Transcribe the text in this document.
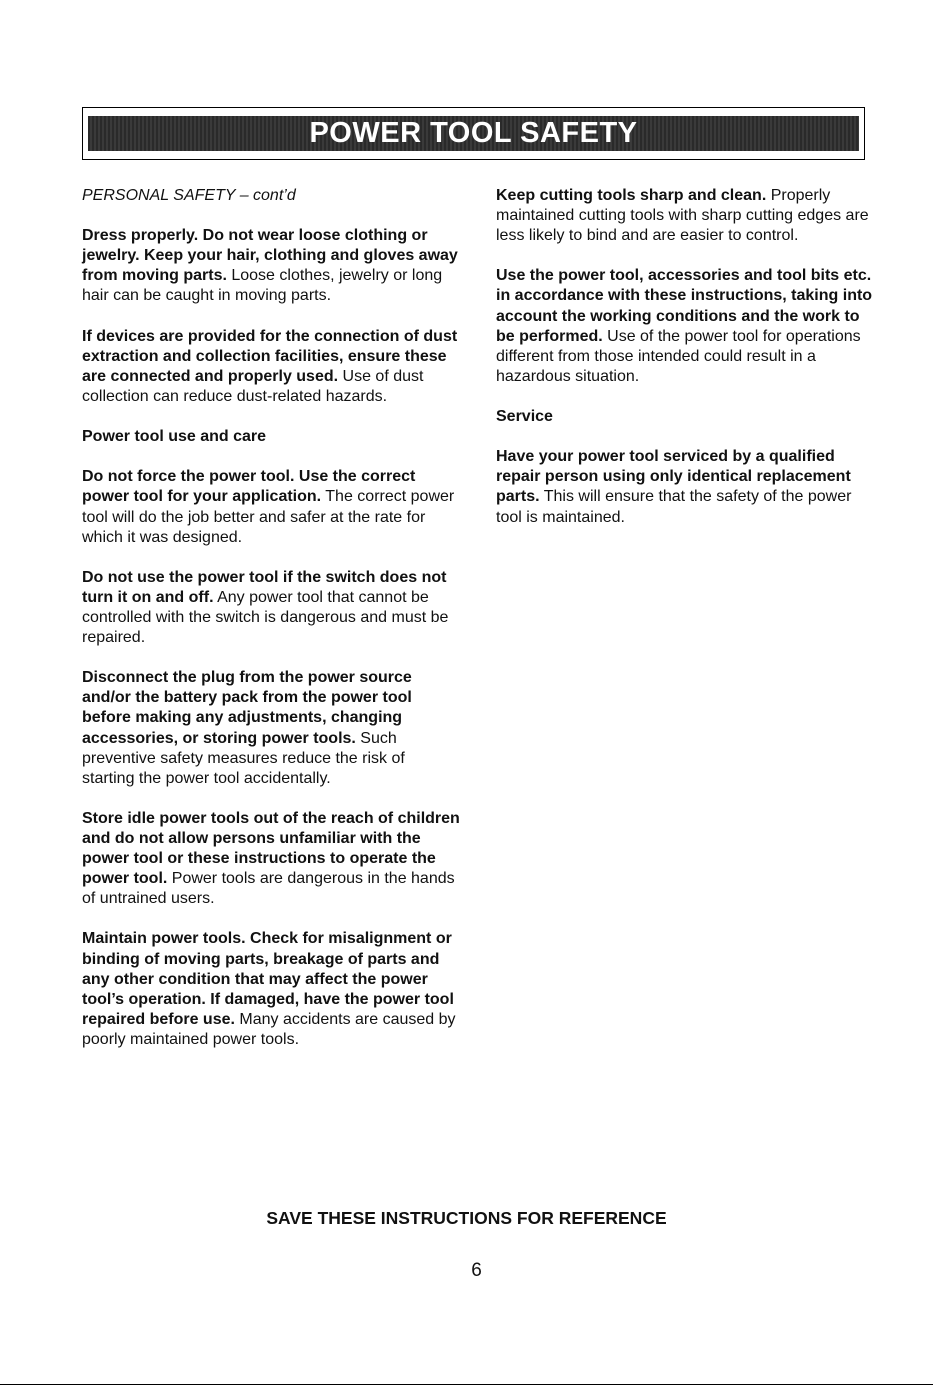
POWER TOOL SAFETY

PERSONAL SAFETY – cont’d

Dress properly. Do not wear loose clothing or jewelry. Keep your hair, clothing and gloves away from moving parts. Loose clothes, jewelry or long hair can be caught in moving parts.

If devices are provided for the connection of dust extraction and collection facilities, ensure these are connected and properly used. Use of dust collection can reduce dust-related hazards.

Power tool use and care

Do not force the power tool. Use the correct power tool for your application. The correct power tool will do the job better and safer at the rate for which it was designed.

Do not use the power tool if the switch does not turn it on and off. Any power tool that cannot be controlled with the switch is dangerous and must be repaired.

Disconnect the plug from the power source and/or the battery pack from the power tool before making any adjustments, changing accessories, or storing power tools. Such preventive safety measures reduce the risk of starting the power tool accidentally.

Store idle power tools out of the reach of children and do not allow persons unfamiliar with the power tool or these instructions to operate the power tool. Power tools are dangerous in the hands of untrained users.

Maintain power tools. Check for misalignment or binding of moving parts, breakage of parts and any other condition that may affect the power tool’s operation. If damaged, have the power tool repaired before use. Many accidents are caused by poorly maintained power tools.

Keep cutting tools sharp and clean. Properly maintained cutting tools with sharp cutting edges are less likely to bind and are easier to control.

Use the power tool, accessories and tool bits etc. in accordance with these instructions, taking into account the working conditions and the work to be performed. Use of the power tool for operations different from those intended could result in a hazardous situation.

Service

Have your power tool serviced by a qualified repair person using only identical replacement parts. This will ensure that the safety of the power tool is maintained.

SAVE THESE INSTRUCTIONS FOR REFERENCE
6
